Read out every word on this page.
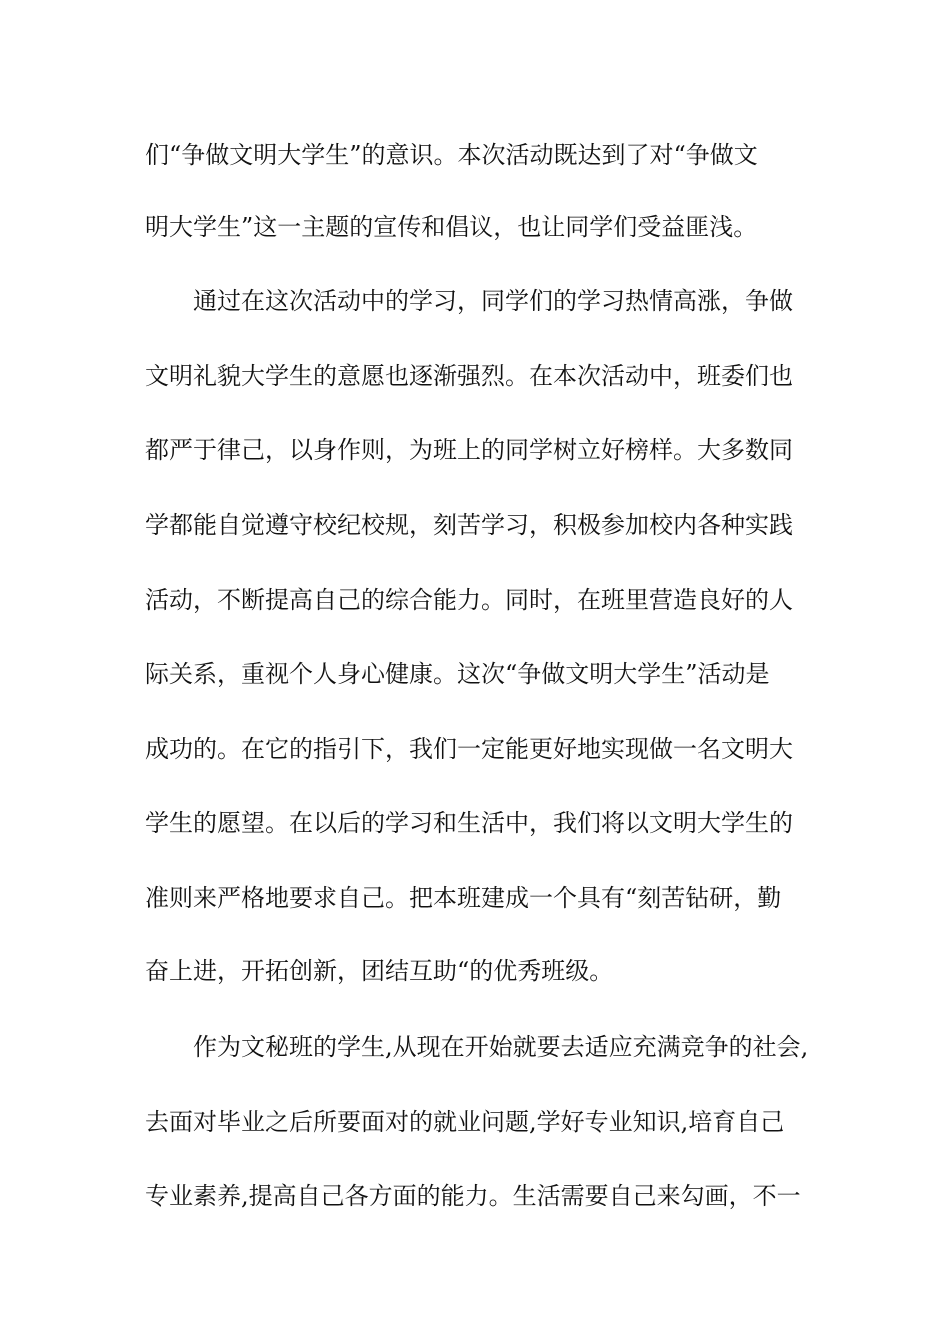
们“争做文明大学生”的意识。本次活动既达到了对“争做文
明大学生”这一主题的宣传和倡议，也让同学们受益匪浅。
　　通过在这次活动中的学习，同学们的学习热情高涨，争做
文明礼貌大学生的意愿也逐渐强烈。在本次活动中，班委们也
都严于律己，以身作则，为班上的同学树立好榜样。大多数同
学都能自觉遵守校纪校规，刻苦学习，积极参加校内各种实践
活动，不断提高自己的综合能力。同时，在班里营造良好的人
际关系，重视个人身心健康。这次“争做文明大学生”活动是
成功的。在它的指引下，我们一定能更好地实现做一名文明大
学生的愿望。在以后的学习和生活中，我们将以文明大学生的
准则来严格地要求自己。把本班建成一个具有“刻苦钻研，勤
奋上进，开拓创新，团结互助“的优秀班级。
　　作为文秘班的学生,从现在开始就要去适应充满竞争的社会,
去面对毕业之后所要面对的就业问题,学好专业知识,培育自己
专业素养,提高自己各方面的能力。生活需要自己来勾画，不一
